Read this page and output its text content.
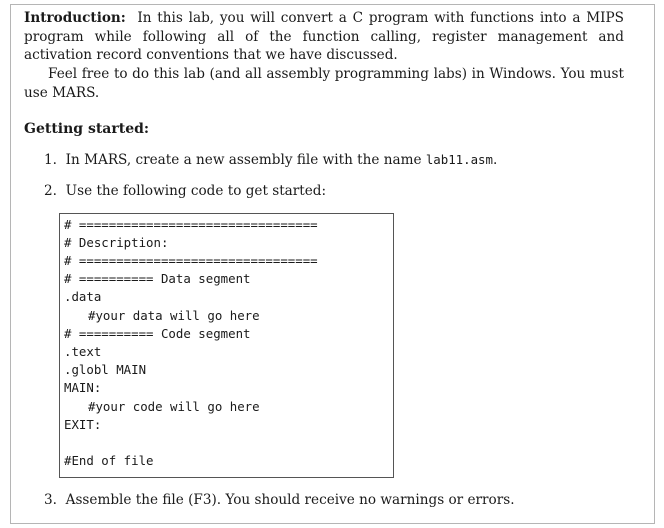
Introduction: In this lab, you will convert a C program with functions into a MIPS program while following all of the function calling, register management and activation record conventions that we have discussed.

Feel free to do this lab (and all assembly programming labs) in Windows. You must use MARS.

Getting started:

1. In MARS, create a new assembly file with the name lab11.asm.

2. Use the following code to get started:

# ================================

# Description:

# ================================

# ========== Data segment

.data

#your data will go here

# ========== Code segment

.text

.globl MAIN

MAIN:

#your code will go here

EXIT:

#End of file

3. Assemble the file (F3). You should receive no warnings or errors.
